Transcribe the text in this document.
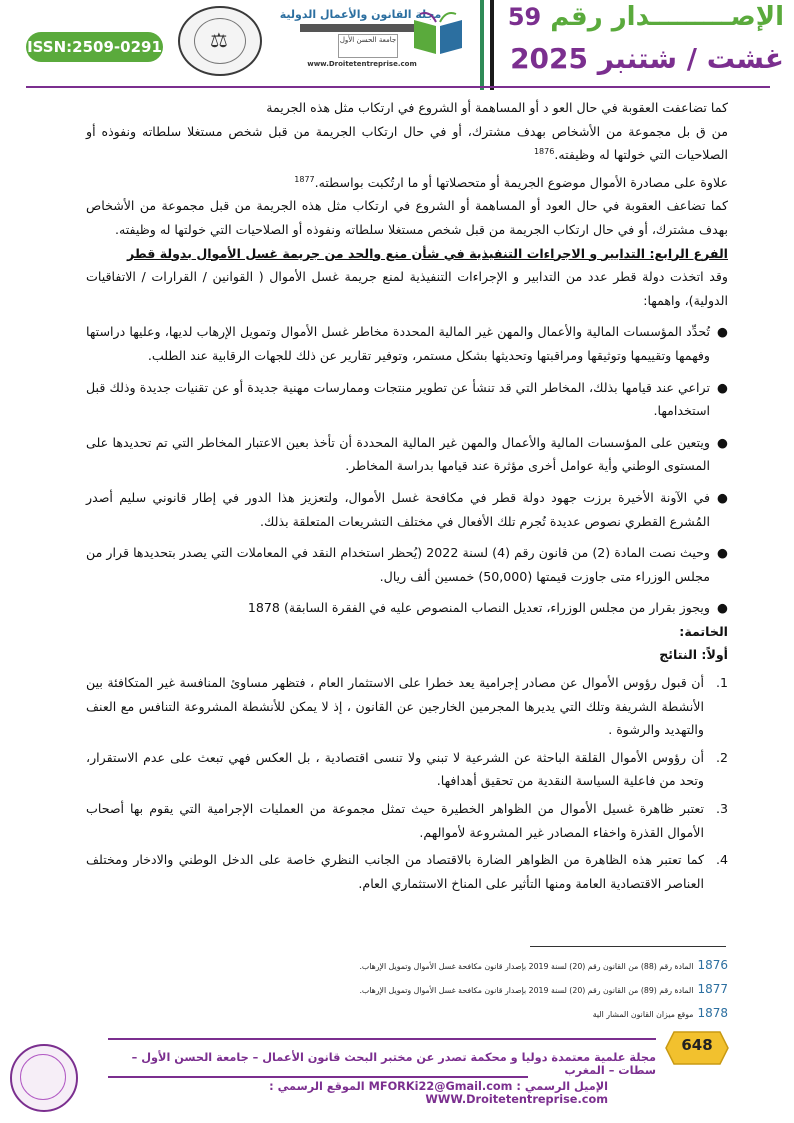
ISSN:2509-0291 ⚖
مجلة القانون والأعمال الدولية
جامعة الحسن الأول
www.Droitetentreprise.com
الإصـــــــــدار رقم 59
غشت / شتنبر 2025

كما تضاعفت العقوبة في حال العو د أو المساهمة أو الشروع في ارتكاب مثل هذه الجريمة

من ق بل مجموعة من الأشخاص بهدف مشترك، أو في حال ارتكاب الجريمة من قبل شخص مستغلا سلطاته ونفوذه أو الصلاحيات التي خولتها له وظيفته.$^{1876}$

علاوة على مصادرة الأموال موضوع الجريمة أو متحصلاتها أو ما ارتُكبت بواسطته.$^{1877}$

كما تضاعف العقوبة في حال العود أو المساهمة أو الشروع في ارتكاب مثل هذه الجريمة من قبل مجموعة من الأشخاص بهدف مشترك، أو في حال ارتكاب الجريمة من قبل شخص مستغلا سلطاته ونفوذه أو الصلاحيات التي خولتها له وظيفته.

الفرع الرابع: التدابير و الاجراءات التنفيذية في شأن منع والحد من جريمة غسل الأموال بدولة قطر

وقد اتخذت دولة قطر عدد من التدابير و الإجراءات التنفيذية لمنع جريمة غسل الأموال ( القوانين / القرارات / الاتفاقيات الدولية)، واهمها:

●
تُحدِّد المؤسسات المالية والأعمال والمهن غير المالية المحددة مخاطر غسل الأموال وتمويل الإرهاب لديها، وعليها دراستها وفهمها وتقييمها وتوثيقها ومراقبتها وتحديثها بشكل مستمر، وتوفير تقارير عن ذلك للجهات الرقابية عند الطلب.

●
تراعي عند قيامها بذلك، المخاطر التي قد تنشأ عن تطوير منتجات وممارسات مهنية جديدة أو عن تقنيات جديدة وذلك قبل استخدامها.

●
ويتعين على المؤسسات المالية والأعمال والمهن غير المالية المحددة أن تأخذ بعين الاعتبار المخاطر التي تم تحديدها على المستوى الوطني وأية عوامل أخرى مؤثرة عند قيامها بدراسة المخاطر.

●
في الآونة الأخيرة برزت جهود دولة قطر في مكافحة غسل الأموال، ولتعزيز هذا الدور في إطار قانوني سليم أصدر المُشرع القطري نصوص عديدة تُجرم تلك الأفعال في مختلف التشريعات المتعلقة بذلك.

●
وحيث نصت المادة (2) من قانون رقم (4) لسنة 2022 (يُحظر استخدام النقد في المعاملات التي يصدر بتحديدها قرار من مجلس الوزراء متى جاوزت قيمتها (50,000) خمسين ألف ريال.

●
ويجوز بقرار من مجلس الوزراء، تعديل النصاب المنصوص عليه في الفقرة السابقة) 1878

الخاتمة:

أولاً: النتائج

1.
أن قبول رؤوس الأموال عن مصادر إجرامية يعد خطرا على الاستثمار العام ، فتظهر مساوئ المنافسة غير المتكافئة بين الأنشطة الشريفة وتلك التي يديرها المجرمين الخارجين عن القانون ، إذ لا يمكن للأنشطة المشروعة التنافس مع العنف والتهديد والرشوة .

2.
أن رؤوس الأموال القلقة الباحثة عن الشرعية لا تبني ولا تنسى اقتصادية ، بل العكس فهي تبعث على عدم الاستقرار، وتحد من فاعلية السياسة النقدية من تحقيق أهدافها.

3.
تعتبر ظاهرة غسيل الأموال من الظواهر الخطيرة حيث تمثل مجموعة من العمليات الإجرامية التي يقوم بها أصحاب الأموال القذرة واخفاء المصادر غير المشروعة لأموالهم.

4.
كما تعتبر هذه الظاهرة من الظواهر الضارة بالاقتصاد من الجانب النظري خاصة على الدخل الوطني والادخار ومختلف العناصر الاقتصادية العامة ومنها التأثير على المناخ الاستثماري العام.

1876المادة رقم (88) من القانون رقم (20) لسنة 2019 بإصدار قانون مكافحة غسل الأموال وتمويل الإرهاب.

1877المادة رقم (89) من القانون رقم (20) لسنة 2019 بإصدار قانون مكافحة غسل الأموال وتمويل الإرهاب.

1878موقع ميزان القانون المشار الية

648
مجلة علمية معتمدة دوليا و محكمة تصدر عن مختبر البحث قانون الأعمال – جامعة الحسن الأول – سطات – المغرب
الإميل الرسمي : MFORKi22@Gmail.com الموقع الرسمي : WWW.Droitetentreprise.com
